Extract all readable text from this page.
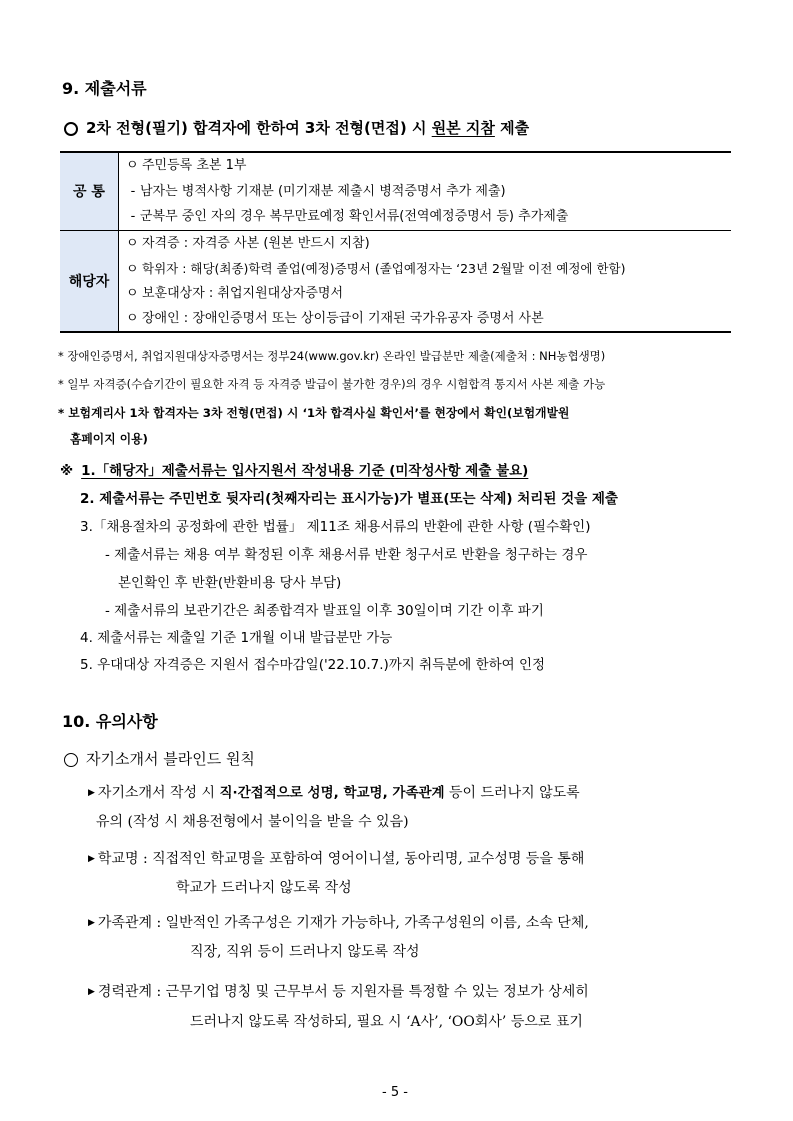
9. 제출서류
2차 전형(필기) 합격자에 한하여 3차 전형(면접) 시 원본 지참 제출
공 통	ㅇ 주민등록 초본 1부
- 남자는 병적사항 기재분 (미기재분 제출시 병적증명서 추가 제출)
- 군복무 중인 자의 경우 복무만료예정 확인서류(전역예정증명서 등) 추가제출

해당자	ㅇ 자격증 : 자격증 사본 (원본 반드시 지참)
ㅇ 학위자 : 해당(최종)학력 졸업(예정)증명서 (졸업예정자는 ‘23년 2월말 이전 예정에 한함)
ㅇ 보훈대상자 : 취업지원대상자증명서
ㅇ 장애인 : 장애인증명서 또는 상이등급이 기재된 국가유공자 증명서 사본
* 장애인증명서, 취업지원대상자증명서는 정부24(www.gov.kr) 온라인 발급분만 제출(제출처 : NH농협생명)
* 일부 자격증(수습기간이 필요한 자격 등 자격증 발급이 불가한 경우)의 경우 시험합격 통지서 사본 제출 가능
* 보험계리사 1차 합격자는 3차 전형(면접) 시 ‘1차 합격사실 확인서’를 현장에서 확인(보험개발원
홈페이지 이용)
※ 1.「해당자」제출서류는 입사지원서 작성내용 기준 (미작성사항 제출 불요)
2. 제출서류는 주민번호 뒷자리(첫째자리는 표시가능)가 별표(또는 삭제) 처리된 것을 제출
3.「채용절차의 공정화에 관한 법률」 제11조 채용서류의 반환에 관한 사항 (필수확인)
- 제출서류는 채용 여부 확정된 이후 채용서류 반환 청구서로 반환을 청구하는 경우
본인확인 후 반환(반환비용 당사 부담)
- 제출서류의 보관기간은 최종합격자 발표일 이후 30일이며 기간 이후 파기
4. 제출서류는 제출일 기준 1개월 이내 발급분만 가능
5. 우대대상 자격증은 지원서 접수마감일('22.10.7.)까지 취득분에 한하여 인정
10. 유의사항
자기소개서 블라인드 원칙
▶ 자기소개서 작성 시 직·간접적으로 성명, 학교명, 가족관계 등이 드러나지 않도록
유의 (작성 시 채용전형에서 불이익을 받을 수 있음)
▶ 학교명 : 직접적인 학교명을 포함하여 영어이니셜, 동아리명, 교수성명 등을 통해
학교가 드러나지 않도록 작성
▶ 가족관계 : 일반적인 가족구성은 기재가 가능하나, 가족구성원의 이름, 소속 단체,
직장, 직위 등이 드러나지 않도록 작성
▶ 경력관계 : 근무기업 명칭 및 근무부서 등 지원자를 특정할 수 있는 정보가 상세히
드러나지 않도록 작성하되, 필요 시 ‘A사’, ‘OO회사’ 등으로 표기
- 5 -
